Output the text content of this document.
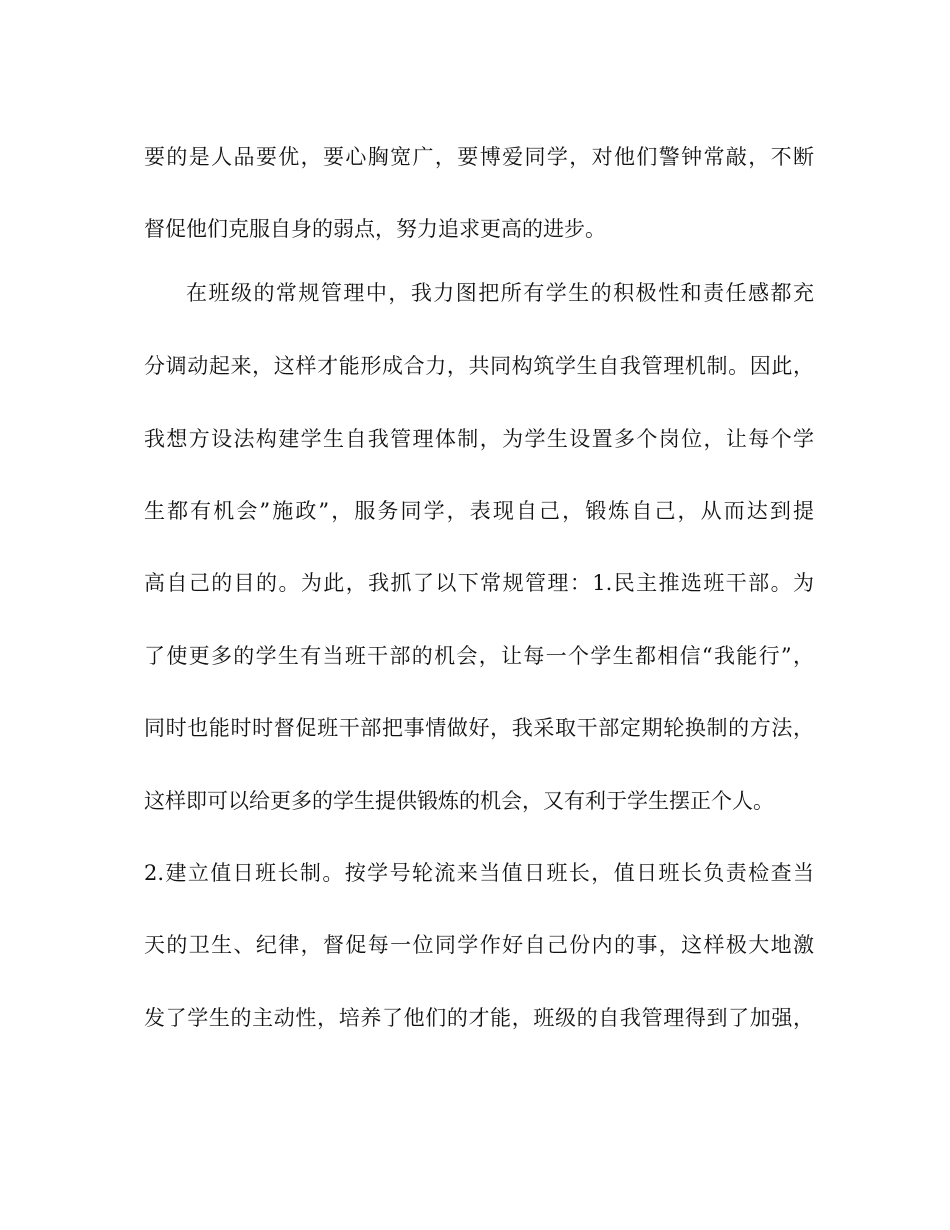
要的是人品要优，要心胸宽广，要博爱同学，对他们警钟常敲，不断
督促他们克服自身的弱点，努力追求更高的进步。
在班级的常规管理中，我力图把所有学生的积极性和责任感都充
分调动起来，这样才能形成合力，共同构筑学生自我管理机制。因此，
我想方设法构建学生自我管理体制，为学生设置多个岗位，让每个学
生都有机会”施政”，服务同学，表现自己，锻炼自己，从而达到提
高自己的目的。为此，我抓了以下常规管理：1.民主推选班干部。为
了使更多的学生有当班干部的机会，让每一个学生都相信“我能行”，
同时也能时时督促班干部把事情做好，我采取干部定期轮换制的方法，
这样即可以给更多的学生提供锻炼的机会，又有利于学生摆正个人。
2.建立值日班长制。按学号轮流来当值日班长，值日班长负责检查当
天的卫生、纪律，督促每一位同学作好自己份内的事，这样极大地激
发了学生的主动性，培养了他们的才能，班级的自我管理得到了加强，
